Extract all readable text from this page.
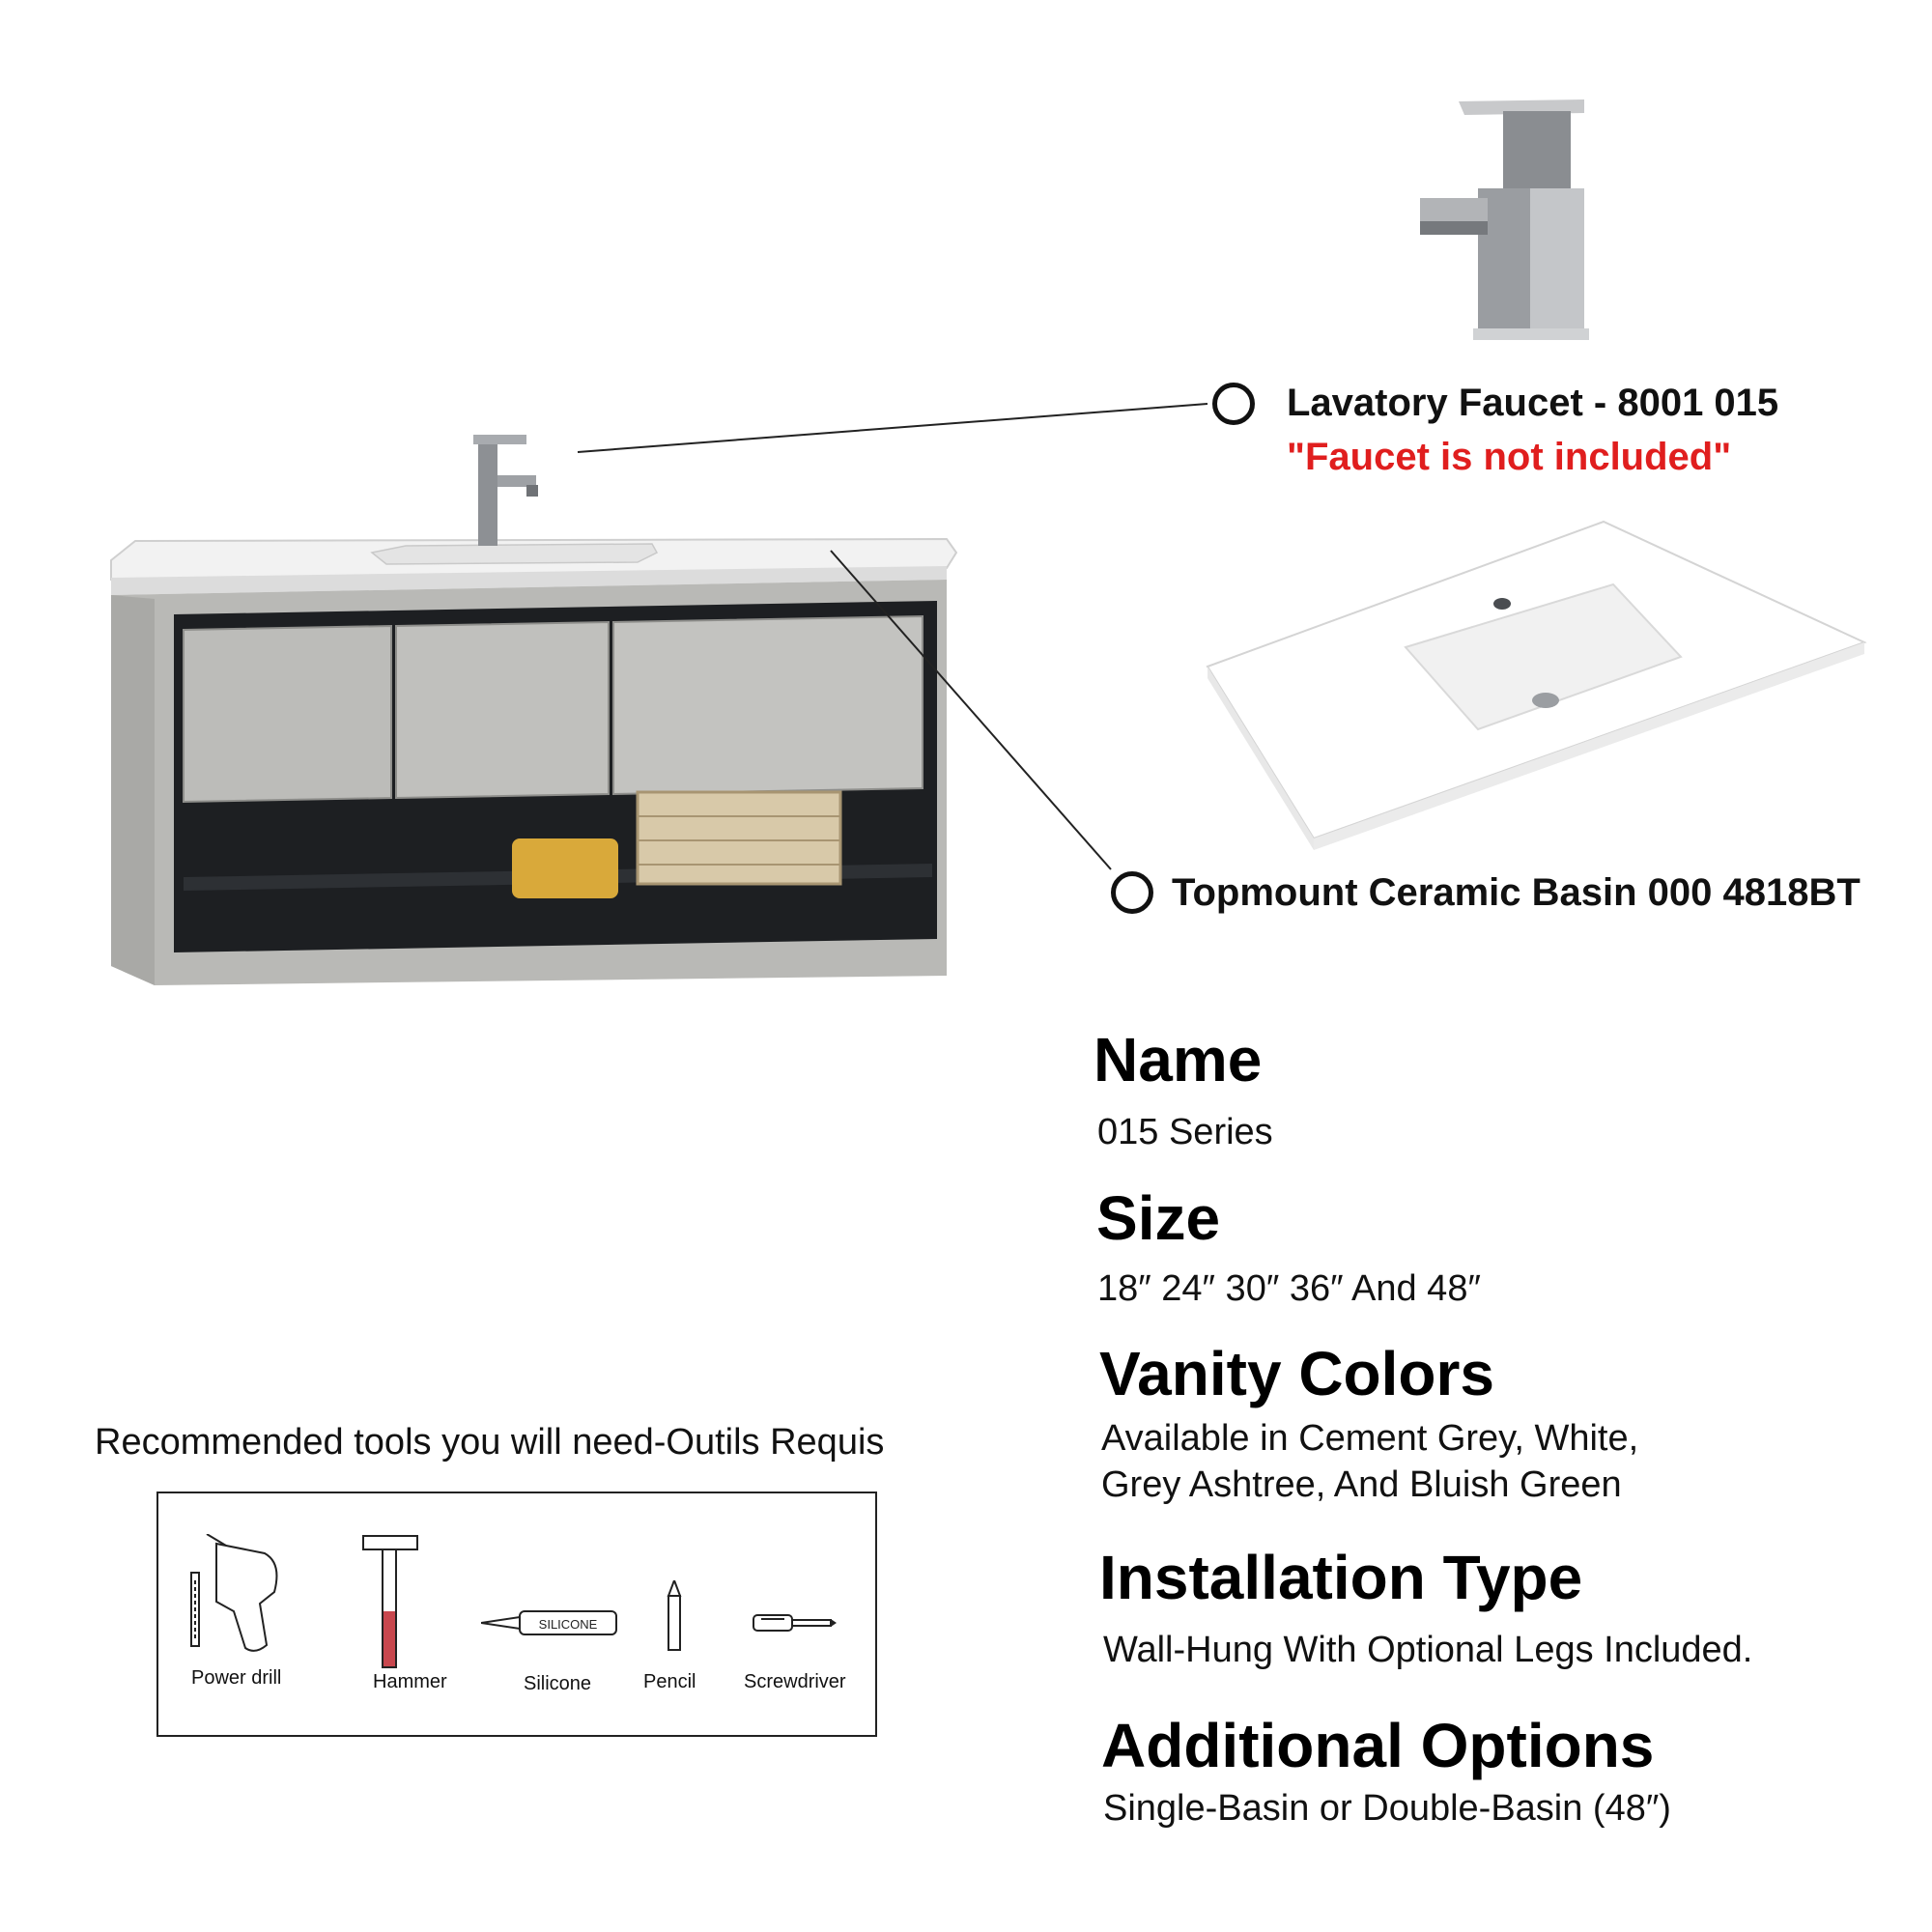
Lavatory Faucet - 8001 015
"Faucet is not included"
Topmount Ceramic Basin 000 4818BT
Name
015 Series
Size
18″ 24″ 30″ 36″ And 48″
Vanity Colors
Available in Cement Grey, White,
Grey Ashtree, And Bluish Green
Installation Type
Wall-Hung With Optional Legs Included.
Additional Options
Single-Basin or Double-Basin (48″)
Recommended tools you will need-Outils Requis
Power drill	Hammer
SILICONE
Silicone	Pencil Screwdriver
